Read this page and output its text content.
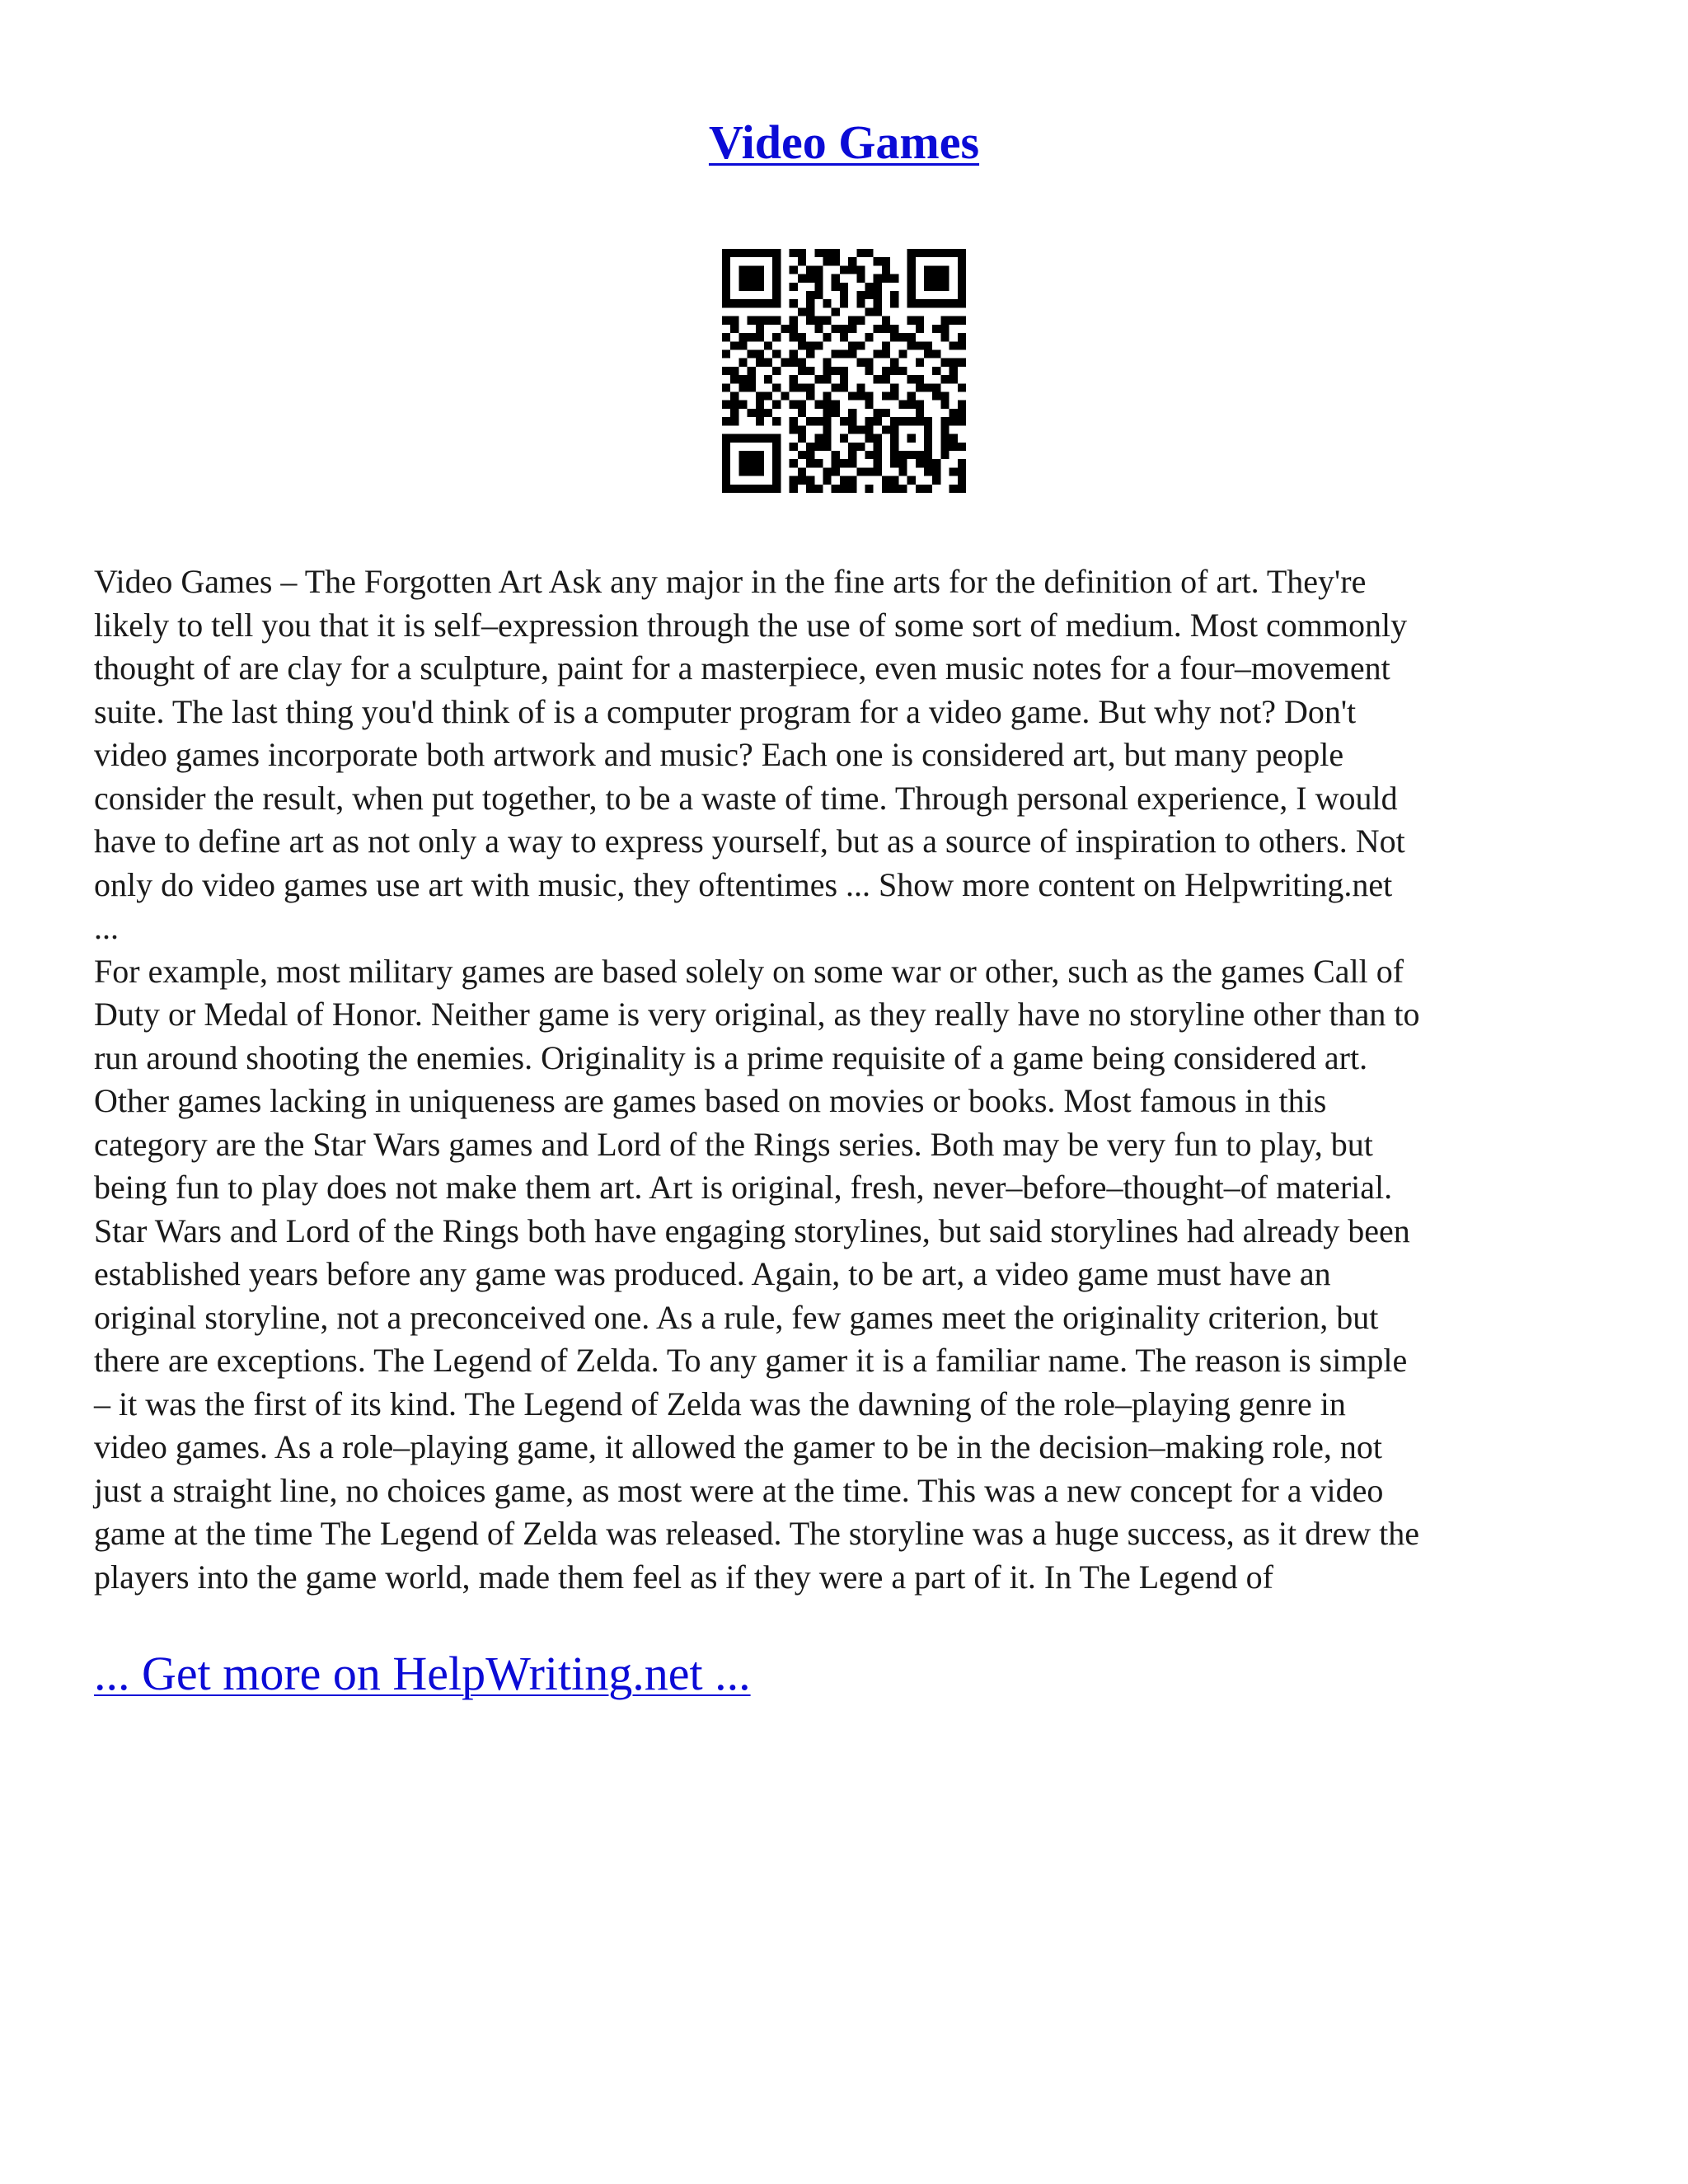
Video Games

Video Games – The Forgotten Art Ask any major in the fine arts for the definition of art. They're
likely to tell you that it is self–expression through the use of some sort of medium. Most commonly
thought of are clay for a sculpture, paint for a masterpiece, even music notes for a four–movement
suite. The last thing you'd think of is a computer program for a video game. But why not? Don't
video games incorporate both artwork and music? Each one is considered art, but many people
consider the result, when put together, to be a waste of time. Through personal experience, I would
have to define art as not only a way to express yourself, but as a source of inspiration to others. Not
only do video games use art with music, they oftentimes ... Show more content on Helpwriting.net
...

For example, most military games are based solely on some war or other, such as the games Call of
Duty or Medal of Honor. Neither game is very original, as they really have no storyline other than to
run around shooting the enemies. Originality is a prime requisite of a game being considered art.
Other games lacking in uniqueness are games based on movies or books. Most famous in this
category are the Star Wars games and Lord of the Rings series. Both may be very fun to play, but
being fun to play does not make them art. Art is original, fresh, never–before–thought–of material.
Star Wars and Lord of the Rings both have engaging storylines, but said storylines had already been
established years before any game was produced. Again, to be art, a video game must have an
original storyline, not a preconceived one. As a rule, few games meet the originality criterion, but
there are exceptions. The Legend of Zelda. To any gamer it is a familiar name. The reason is simple
– it was the first of its kind. The Legend of Zelda was the dawning of the role–playing genre in
video games. As a role–playing game, it allowed the gamer to be in the decision–making role, not
just a straight line, no choices game, as most were at the time. This was a new concept for a video
game at the time The Legend of Zelda was released. The storyline was a huge success, as it drew the
players into the game world, made them feel as if they were a part of it. In The Legend of

... Get more on HelpWriting.net ...
